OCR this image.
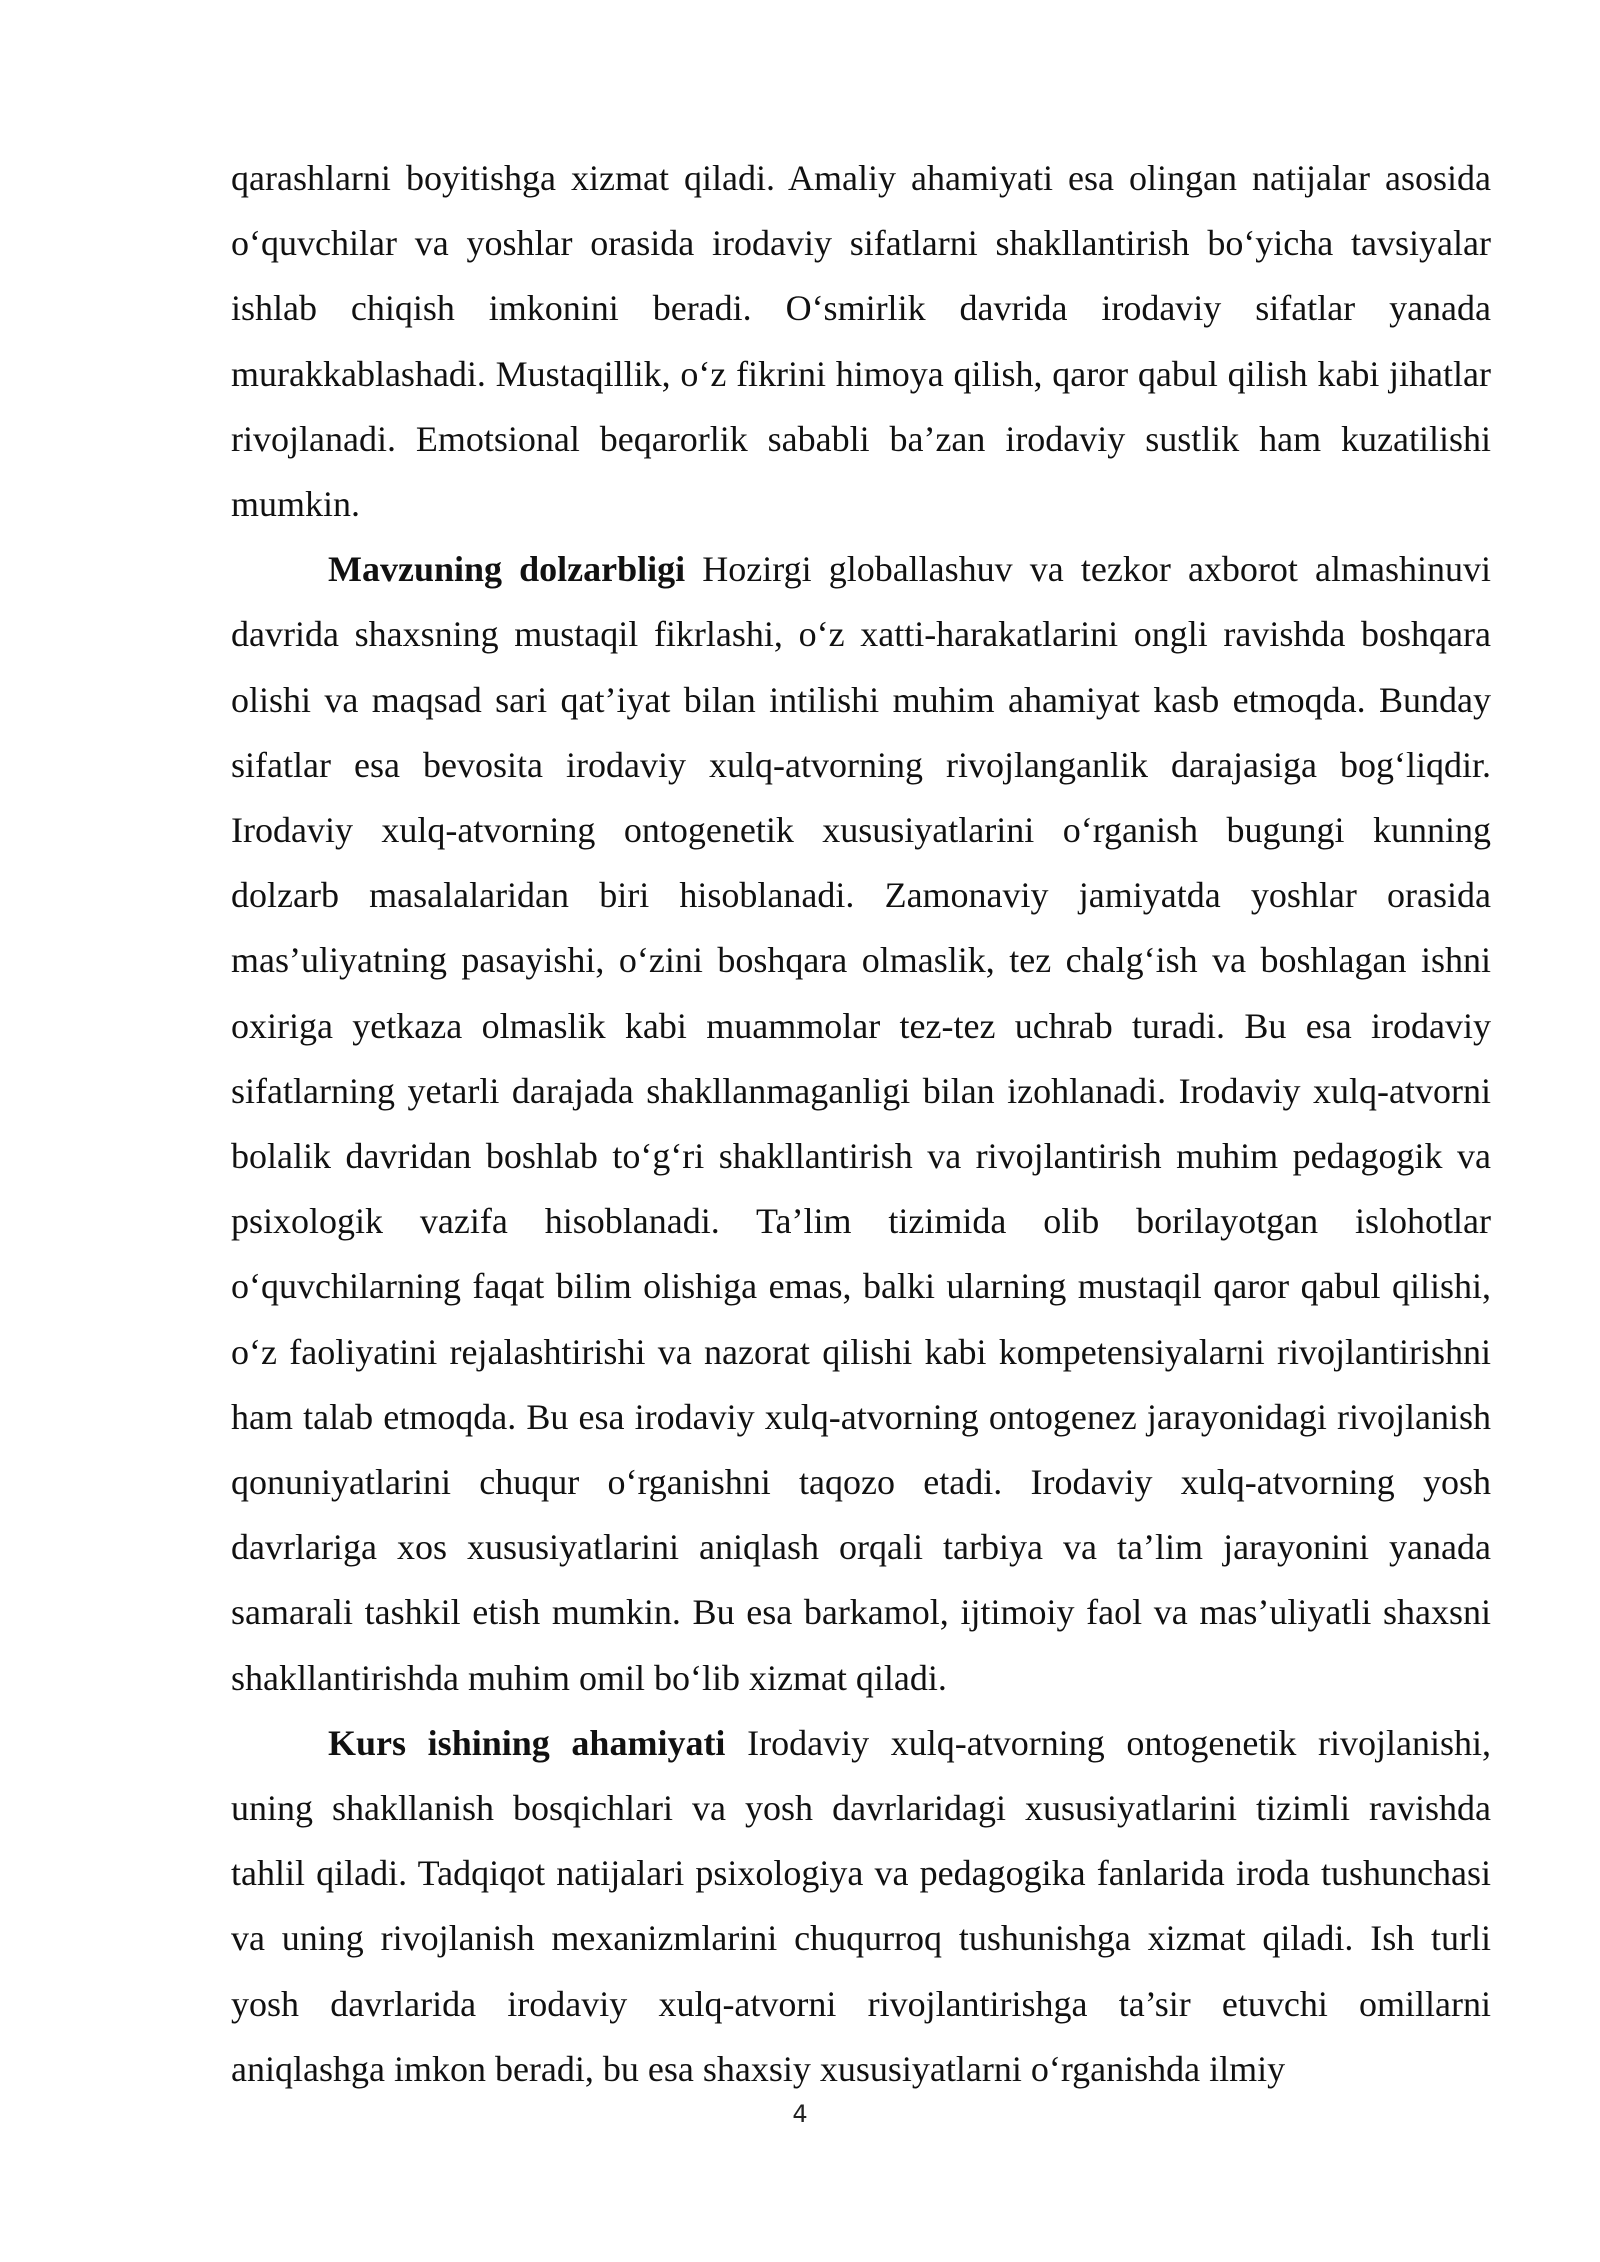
qarashlarni boyitishga xizmat qiladi. Amaliy ahamiyati esa olingan natijalar asosida o‘quvchilar va yoshlar orasida irodaviy sifatlarni shakllantirish bo‘yicha tavsiyalar ishlab chiqish imkonini beradi. O‘smirlik davrida irodaviy sifatlar yanada murakkablashadi. Mustaqillik, o‘z fikrini himoya qilish, qaror qabul qilish kabi jihatlar rivojlanadi. Emotsional beqarorlik sababli ba’zan irodaviy sustlik ham kuzatilishi mumkin.

Mavzuning dolzarbligi Hozirgi globallashuv va tezkor axborot almashinuvi davrida shaxsning mustaqil fikrlashi, o‘z xatti-harakatlarini ongli ravishda boshqara olishi va maqsad sari qat’iyat bilan intilishi muhim ahamiyat kasb etmoqda. Bunday sifatlar esa bevosita irodaviy xulq-atvorning rivojlanganlik darajasiga bog‘liqdir. Irodaviy xulq-atvorning ontogenetik xususiyatlarini o‘rganish bugungi kunning dolzarb masalalaridan biri hisoblanadi. Zamonaviy jamiyatda yoshlar orasida mas’uliyatning pasayishi, o‘zini boshqara olmaslik, tez chalg‘ish va boshlagan ishni oxiriga yetkaza olmaslik kabi muammolar tez-tez uchrab turadi. Bu esa irodaviy sifatlarning yetarli darajada shakllanmaganligi bilan izohlanadi. Irodaviy xulq-atvorni bolalik davridan boshlab to‘g‘ri shakllantirish va rivojlantirish muhim pedagogik va psixologik vazifa hisoblanadi. Ta’lim tizimida olib borilayotgan islohotlar o‘quvchilarning faqat bilim olishiga emas, balki ularning mustaqil qaror qabul qilishi, o‘z faoliyatini rejalashtirishi va nazorat qilishi kabi kompetensiyalarni rivojlantirishni ham talab etmoqda. Bu esa irodaviy xulq-atvorning ontogenez jarayonidagi rivojlanish qonuniyatlarini chuqur o‘rganishni taqozo etadi. Irodaviy xulq-atvorning yosh davrlariga xos xususiyatlarini aniqlash orqali tarbiya va ta’lim jarayonini yanada samarali tashkil etish mumkin. Bu esa barkamol, ijtimoiy faol va mas’uliyatli shaxsni shakllantirishda muhim omil bo‘lib xizmat qiladi.

Kurs ishining ahamiyati Irodaviy xulq-atvorning ontogenetik rivojlanishi, uning shakllanish bosqichlari va yosh davrlaridagi xususiyatlarini tizimli ravishda tahlil qiladi. Tadqiqot natijalari psixologiya va pedagogika fanlarida iroda tushunchasi va uning rivojlanish mexanizmlarini chuqurroq tushunishga xizmat qiladi. Ish turli yosh davrlarida irodaviy xulq-atvorni rivojlantirishga ta’sir etuvchi omillarni aniqlashga imkon beradi, bu esa shaxsiy xususiyatlarni o‘rganishda ilmiy

4
